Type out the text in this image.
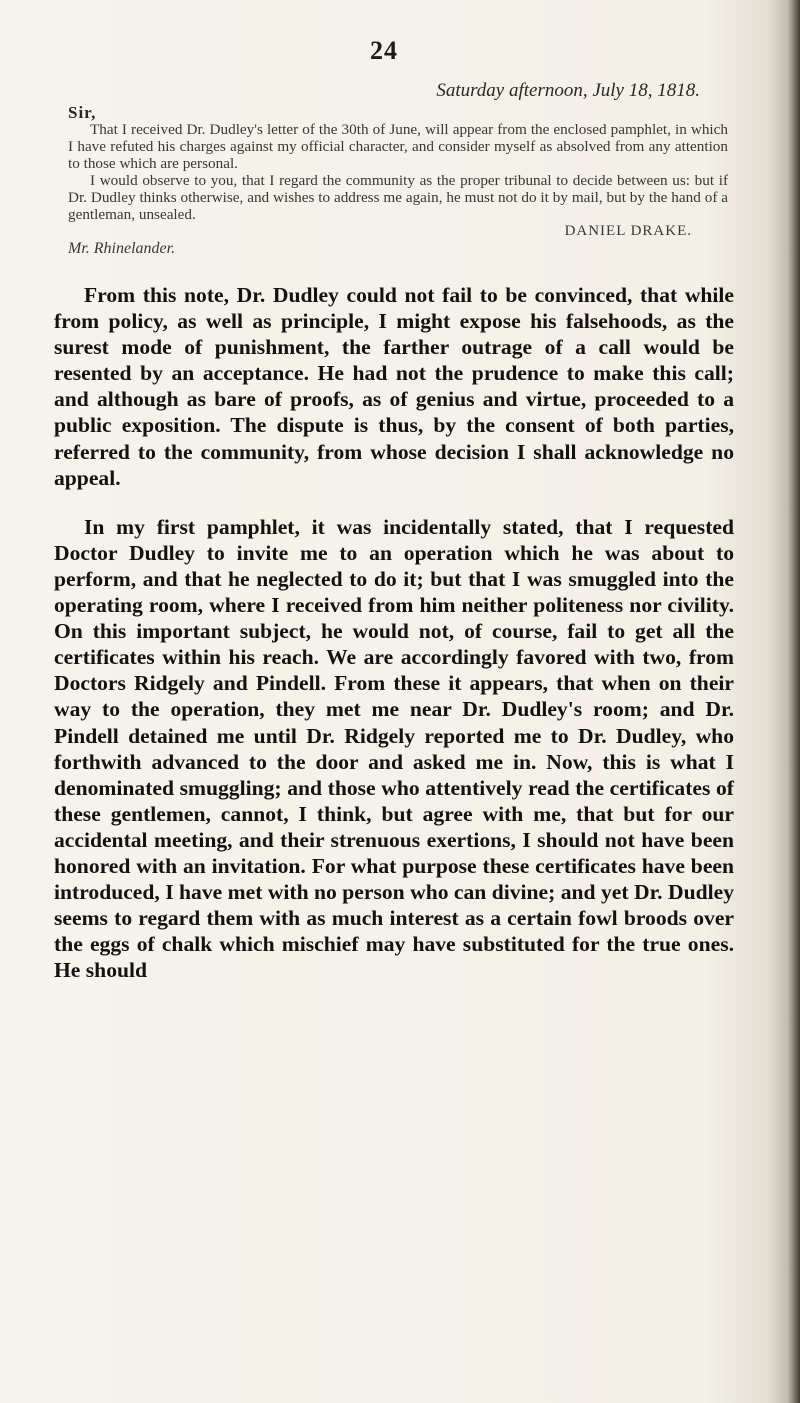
24
Saturday afternoon, July 18, 1818.
Sir,

That I received Dr. Dudley's letter of the 30th of June, will appear from the enclosed pamphlet, in which I have refuted his charges against my official character, and consider myself as absolved from any attention to those which are personal.

I would observe to you, that I regard the community as the proper tribunal to decide between us: but if Dr. Dudley thinks otherwise, and wishes to address me again, he must not do it by mail, but by the hand of a gentleman, unsealed.

DANIEL DRAKE.
Mr. Rhinelander.

From this note, Dr. Dudley could not fail to be convinced, that while from policy, as well as principle, I might expose his falsehoods, as the surest mode of punishment, the farther outrage of a call would be resented by an acceptance. He had not the prudence to make this call; and although as bare of proofs, as of genius and virtue, proceeded to a public exposition. The dispute is thus, by the consent of both parties, referred to the community, from whose decision I shall acknowledge no appeal.

In my first pamphlet, it was incidentally stated, that I requested Doctor Dudley to invite me to an operation which he was about to perform, and that he neglected to do it; but that I was smuggled into the operating room, where I received from him neither politeness nor civility. On this important subject, he would not, of course, fail to get all the certificates within his reach. We are accordingly favored with two, from Doctors Ridgely and Pindell. From these it appears, that when on their way to the operation, they met me near Dr. Dudley's room; and Dr. Pindell detained me until Dr. Ridgely reported me to Dr. Dudley, who forthwith advanced to the door and asked me in. Now, this is what I denominated smuggling; and those who attentively read the certificates of these gentlemen, cannot, I think, but agree with me, that but for our accidental meeting, and their strenuous exertions, I should not have been honored with an invitation. For what purpose these certificates have been introduced, I have met with no person who can divine; and yet Dr. Dudley seems to regard them with as much interest as a certain fowl broods over the eggs of chalk which mischief may have substituted for the true ones. He should
